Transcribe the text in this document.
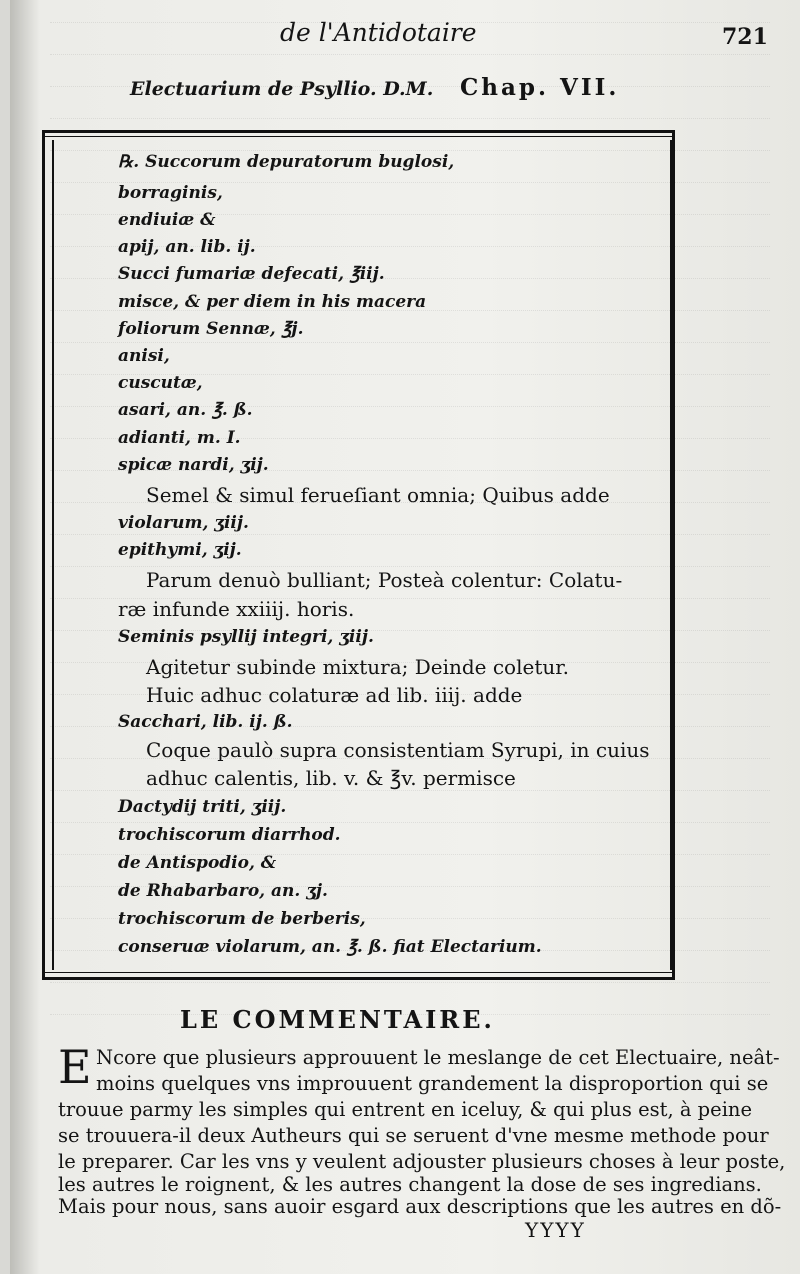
de l'Antidotaire	721
Electuarium de Psyllio. D.M. Chap. VII.

℞. Succorum depuratorum buglosi,

borraginis,

endiuiæ &

apij, an. lib. ij.

Succi fumariæ defecati, ℥iij.

misce, & per diem in his macera

foliorum Sennæ, ℥j.

anisi,

cuscutæ,

asari, an. ℥. ß.

adianti, m. I.

spicæ nardi, ʒij.

Semel & simul ferueſiant omnia; Quibus adde

violarum, ʒiij.

epithymi, ʒij.

Parum denuò bulliant; Posteà colentur: Colatu-

ræ infunde xxiiij. horis.

Seminis psyllij integri, ʒiij.

Agitetur subinde mixtura; Deinde coletur.

Huic adhuc colaturæ ad lib. iiij. adde

Sacchari, lib. ij. ß.

Coque paulò supra consistentiam Syrupi, in cuius

adhuc calentis, lib. v. & ℥v. permisce

Dactydij triti, ʒiij.

trochiscorum diarrhod.

de Antispodio, &

de Rhabarbaro, an. ʒj.

trochiscorum de berberis,

conseruæ violarum, an. ℥. ß. fiat Electarium.

LE COMMENTAIRE.
E Ncore que plusieurs approuuent le meslange de cet Electuaire, neât-

moins quelques vns improuuent grandement la disproportion qui se

trouue parmy les simples qui entrent en iceluy, & qui plus est, à peine

se trouuera-il deux Autheurs qui se seruent d'vne mesme methode pour

le preparer. Car les vns y veulent adjouster plusieurs choses à leur poste,

les autres le roignent, & les autres changent la dose de ses ingredians.

Mais pour nous, sans auoir esgard aux descriptions que les autres en dõ-

YYYY
